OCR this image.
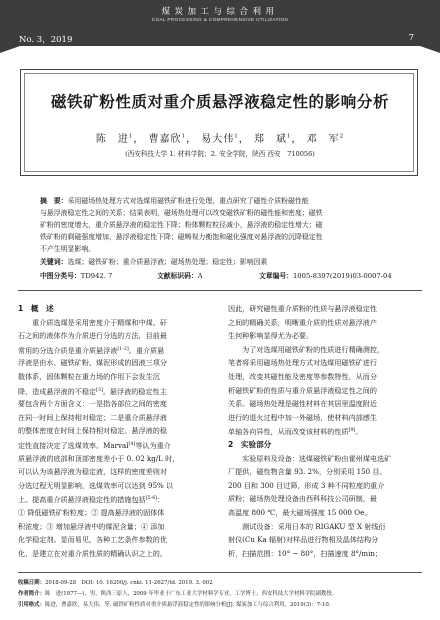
煤炭加工与综合利用
COAL PROCESSING & COMPREHENSIVE UTILIZATION
No. 3，2019	7
磁铁矿粉性质对重介质悬浮液稳定性的影响分析
陈　进$^1$， 曹嘉欣$^1$， 易大伟$^1$， 郑　斌$^1$， 邓　军$^2$
(西安科技大学 1. 材料学院；2. 安全学院，陕西 西安　710056)
摘　要：采用磁场热处理方式对选煤用磁铁矿粉进行处理，重点研究了磁性介质粉磁性能
与悬浮液稳定性之间的关系；结果表明，磁场热处理可以改变磁铁矿粉的磁性能和密度；磁铁
矿粉的密度增大，重介质悬浮液的稳定性下降；粉体颗粒粒径减小，悬浮液的稳定性增大；磁
铁矿粉的剩磁强度增加，悬浮液稳定性下降；磁畴视力衡饱和磁化强度对悬浮液的沉降稳定性
不产生明显影响。
关键词：选煤；磁铁矿粉；重介质悬浮液；磁场热处理；稳定性；影响因素
中图分类号：TD942. 7	文献标识码：A	文章编号：1005-8397(2019)03-0007-04
1　概　述
　　重介质选煤是采用密度介于精煤和中煤、矸
石之间的液体作为介质进行分选的方法，目前最
常用的分选介质是重介质悬浮液[1-2]。重介质悬
浮液是由水、磁铁矿粉、煤泥形成的固液三项分
散体系，固体颗粒在重力场的作用下会发生沉
降，造成悬浮液的不稳定[3]。悬浮液的稳定性主
要包含两个方面含义：一是指各部位之间的密度
在同一时间上保持相对稳定；二是重介质悬浮液
的整体密度在时间上保持相对稳定。悬浮液的稳
定性直接决定了选煤效率。Marval[4]等认为重介
质悬浮液的底部和顶部密度差小于 0. 02 kg/L 时，
可以认为该悬浮液为稳定液，这样的密度差则对
分选过程无明显影响，选煤效率可以达到 95% 以
上。提高重介质悬浮液稳定性的措施包括[5-6]：
① 降低磁铁矿粉粒度；② 提高悬浮液的固体体
积浓度；③ 增加悬浮液中的煤泥含量；④ 添加
化学稳定剂。显而易见，各种工艺条件参数的优
化，是建立在对重介质性质的精确认识之上的。
因此，研究磁性重介质粉的性质与悬浮液稳定性
之间的精确关系，明晰重介质的性质对悬浮液产
生何种影响显得尤为必要。
　　为了对选煤用磁铁矿粉的性质进行精确测控，
笔者将采用磁场热处理方式对选煤用磁铁矿进行
处理，改变其磁性能及密度等参数特性，从而分
析磁铁矿粉的性质与重介质悬浮液稳定性之间的
关系。磁场热处理是磁性材料在其居里温度附近
进行的退火过程中加一外磁场，使材料内部感生
单轴各向异性，从而改变该材料的性质[9]。
2　实验部分
　　实验原料及设备：选煤磁铁矿粉由霍州煤电选矿
厂提供，磁性物含量 93. 2%，分别采用 150 目、
200 目和 300 目过筛，形成 3 种不同粒度的重介
质粉；磁场热处理设备由西科科技公司研制，最
高温度 800 ℃，最大磁场强度 15 000 Oe。
　　测试设备：采用日本的 RIGAKU 型 X 射线衍
射仪(Cu Ka 辐射)对样品进行物相及晶体结构分
析，扫描范围：10° ~ 80°，扫描速度 8°/min；
收稿日期：2018-09-28　DOI: 10. 16200/j. cnki. 11-2627/td. 2019. 3. 002
作者简介：陈　进(1977—)，男，陕西三原人，2009 年毕业于广东工业大学材料学专业，工学博士，西安科技大学材料学院副教授。
引用格式：陈进，曹嘉欣，易大伟，等. 磁铁矿粉性质对重介质悬浮液稳定性的影响分析[J]. 煤炭加工与综合利用，2019(3)：7-10.
